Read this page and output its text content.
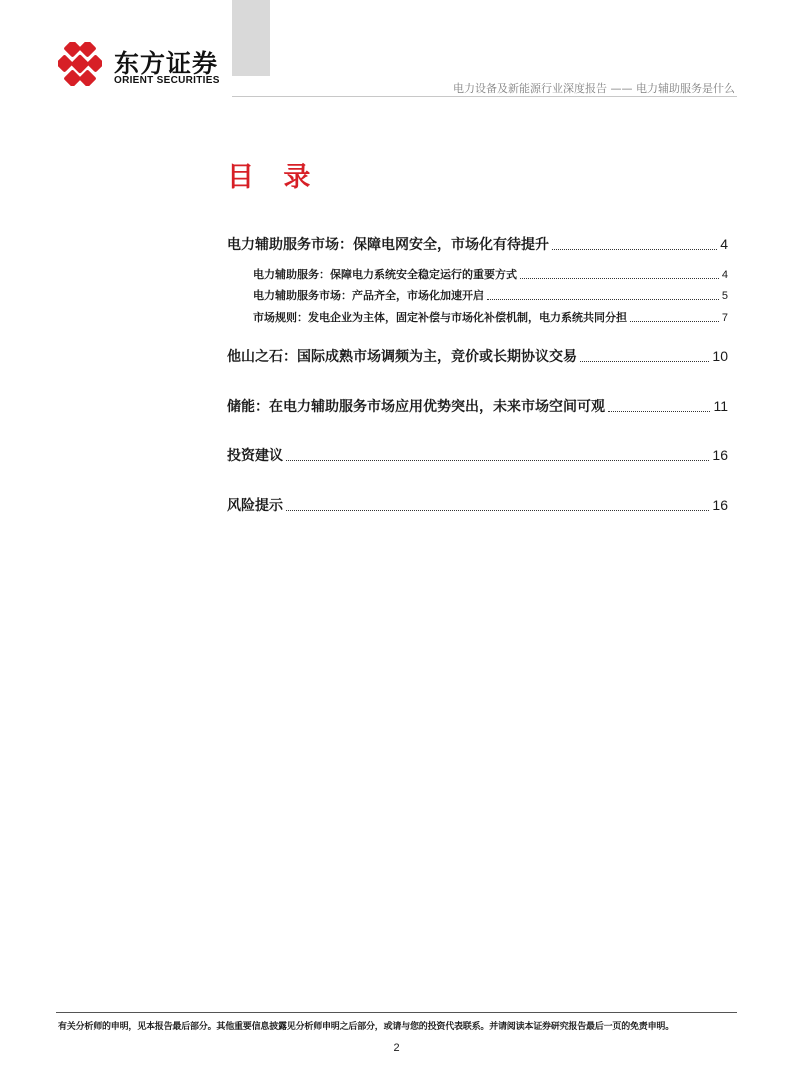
东方证券
ORIENT SECURITIES
电力设备及新能源行业深度报告 —— 电力辅助服务是什么
目 录
电力辅助服务市场：保障电网安全，市场化有待提升	4
电力辅助服务：保障电力系统安全稳定运行的重要方式	4
电力辅助服务市场：产品齐全，市场化加速开启	5
市场规则：发电企业为主体，固定补偿与市场化补偿机制，电力系统共同分担	7
他山之石：国际成熟市场调频为主，竞价或长期协议交易	10
储能：在电力辅助服务市场应用优势突出，未来市场空间可观	11
投资建议	16
风险提示	16
有关分析师的申明，见本报告最后部分。其他重要信息披露见分析师申明之后部分，或请与您的投资代表联系。并请阅读本证券研究报告最后一页的免责申明。
2
